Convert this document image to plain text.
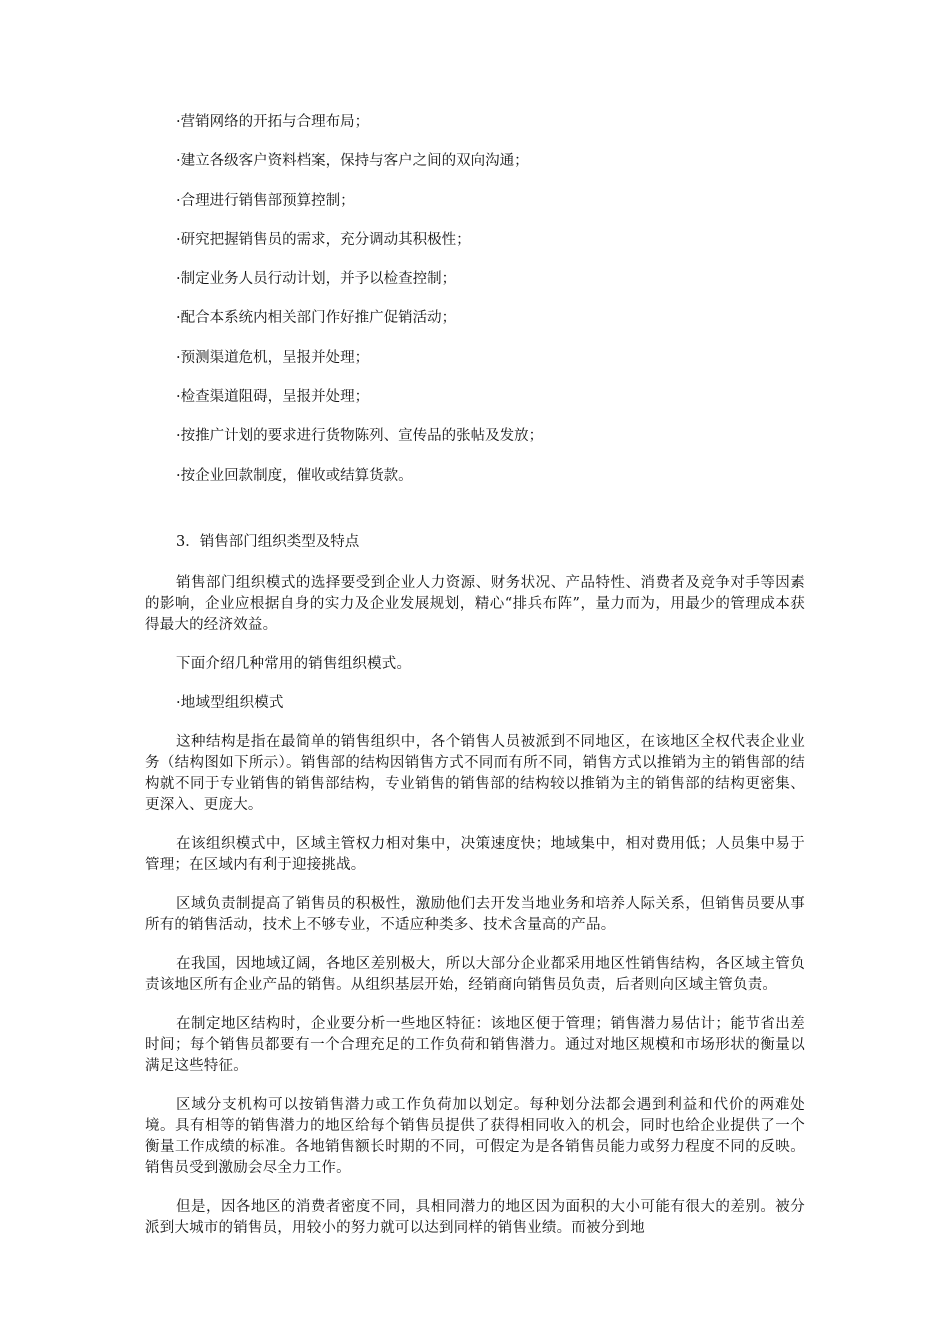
·营销网络的开拓与合理布局；
·建立各级客户资料档案，保持与客户之间的双向沟通；
·合理进行销售部预算控制；
·研究把握销售员的需求，充分调动其积极性；
·制定业务人员行动计划，并予以检查控制；
·配合本系统内相关部门作好推广促销活动；
·预测渠道危机，呈报并处理；
·检查渠道阻碍，呈报并处理；
·按推广计划的要求进行货物陈列、宣传品的张帖及发放；
·按企业回款制度，催收或结算货款。
3．销售部门组织类型及特点

销售部门组织模式的选择要受到企业人力资源、财务状况、产品特性、消费者及竞争对手等因素的影响，企业应根据自身的实力及企业发展规划，精心“排兵布阵”，量力而为，用最少的管理成本获得最大的经济效益。

下面介绍几种常用的销售组织模式。

·地域型组织模式

这种结构是指在最简单的销售组织中，各个销售人员被派到不同地区，在该地区全权代表企业业务（结构图如下所示）。销售部的结构因销售方式不同而有所不同，销售方式以推销为主的销售部的结构就不同于专业销售的销售部结构，专业销售的销售部的结构较以推销为主的销售部的结构更密集、更深入、更庞大。

在该组织模式中，区域主管权力相对集中，决策速度快；地域集中，相对费用低；人员集中易于管理；在区域内有利于迎接挑战。

区域负责制提高了销售员的积极性，激励他们去开发当地业务和培养人际关系，但销售员要从事所有的销售活动，技术上不够专业，不适应种类多、技术含量高的产品。

在我国，因地域辽阔，各地区差别极大，所以大部分企业都采用地区性销售结构，各区域主管负责该地区所有企业产品的销售。从组织基层开始，经销商向销售员负责，后者则向区域主管负责。

在制定地区结构时，企业要分析一些地区特征：该地区便于管理；销售潜力易估计；能节省出差时间；每个销售员都要有一个合理充足的工作负荷和销售潜力。通过对地区规模和市场形状的衡量以满足这些特征。

区域分支机构可以按销售潜力或工作负荷加以划定。每种划分法都会遇到利益和代价的两难处境。具有相等的销售潜力的地区给每个销售员提供了获得相同收入的机会，同时也给企业提供了一个衡量工作成绩的标准。各地销售额长时期的不同，可假定为是各销售员能力或努力程度不同的反映。销售员受到激励会尽全力工作。

但是，因各地区的消费者密度不同，具相同潜力的地区因为面积的大小可能有很大的差别。被分派到大城市的销售员，用较小的努力就可以达到同样的销售业绩。而被分到地
